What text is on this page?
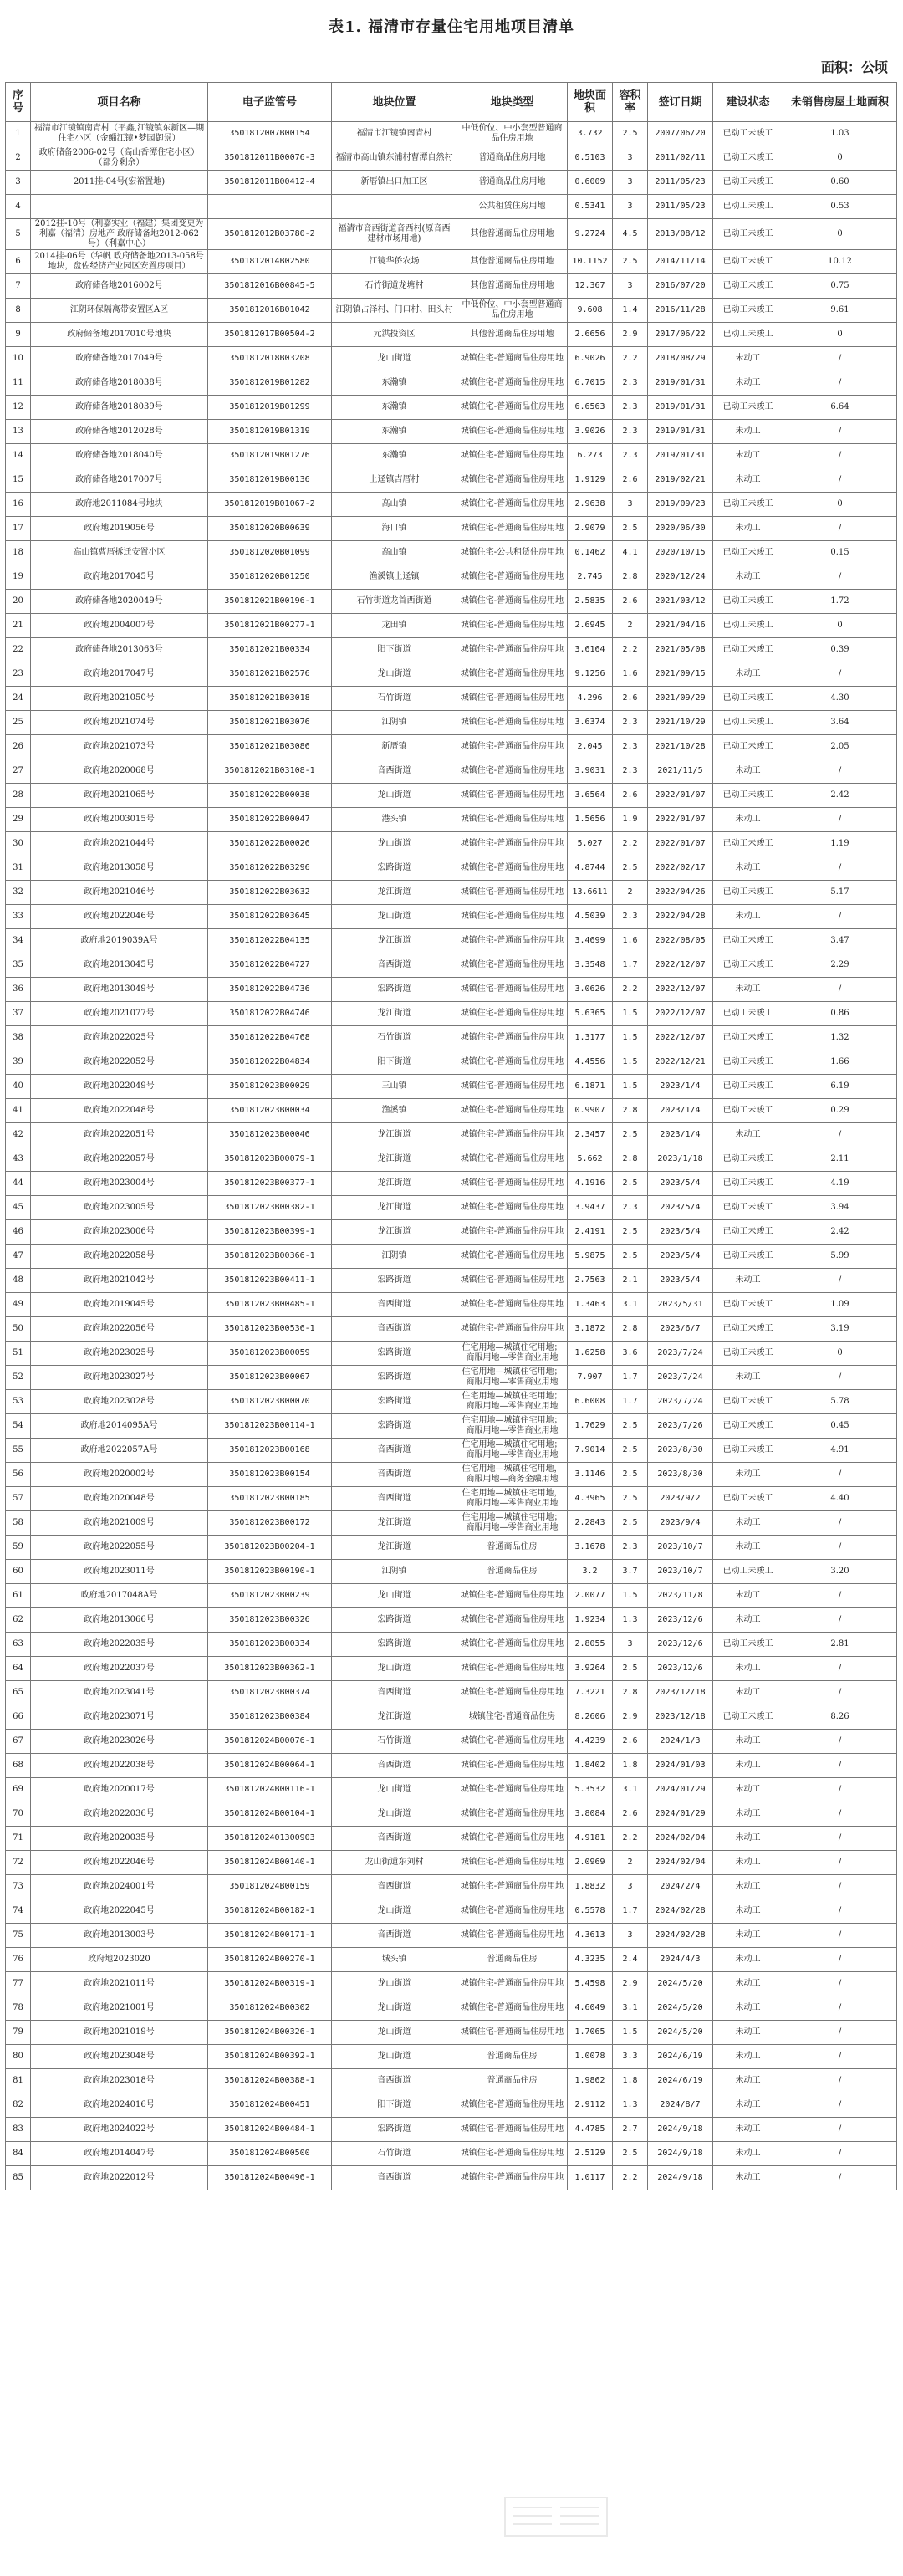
表1. 福清市存量住宅用地项目清单
面积：公顷
序号	项目名称	电子监管号	地块位置	地块类型	地块面积	容积率	签订日期	建设状态	未销售房屋土地面积
1	福清市江镜镇南青村（平鑫,江镜镇东新区—期住宅小区（金鲻江镜•梦园御景）	3501812007B00154	福清市江镜镇南青村	中低价位、中小套型普通商品住房用地	3.732	2.5	2007/06/20	已动工未竣工	1.03
2	政府储备2006-02号（高山香潭住宅小区）（部分剩余）	3501812011B00076-3	福清市高山镇东浦村曹潭自然村	普通商品住房用地	0.5103	3	2011/02/11	已动工未竣工	0
3	2011挂-04号(宏裕置地)	3501812011B00412-4	新厝镇出口加工区	普通商品住房用地	0.6009	3	2011/05/23	已动工未竣工	0.60
4				公共租赁住房用地	0.5341	3	2011/05/23	已动工未竣工	0.53
5	2012挂-10号（利嘉实业（福建）集团变更为利嘉（福清）房地产 政府储备地2012-062号）（利嘉中心）	3501812012B03780-2	福清市音西街道音西村(原音西建材市场用地)	其他普通商品住房用地	9.2724	4.5	2013/08/12	已动工未竣工	0
6	2014挂-06号（华帆 政府储备地2013-058号地块，盘佐经济产业园区安置房项目）	3501812014B02580	江镜华侨农场	其他普通商品住房用地	10.1152	2.5	2014/11/14	已动工未竣工	10.12
7	政府储备地2016002号	3501812016B00845-5	石竹街道龙塘村	其他普通商品住房用地	12.367	3	2016/07/20	已动工未竣工	0.75
8	江阴环保隔离带安置区A区	3501812016B01042	江阴镇占泽村、门口村、田头村	中低价位、中小套型普通商品住房用地	9.608	1.4	2016/11/28	已动工未竣工	9.61
9	政府储备地2017010号地块	3501812017B00504-2	元洪投资区	其他普通商品住房用地	2.6656	2.9	2017/06/22	已动工未竣工	0
10	政府储备地2017049号	3501812018B03208	龙山街道	城镇住宅-普通商品住房用地	6.9026	2.2	2018/08/29	未动工	/
11	政府储备地2018038号	3501812019B01282	东瀚镇	城镇住宅-普通商品住房用地	6.7015	2.3	2019/01/31	未动工	/
12	政府储备地2018039号	3501812019B01299	东瀚镇	城镇住宅-普通商品住房用地	6.6563	2.3	2019/01/31	已动工未竣工	6.64
13	政府储备地2012028号	3501812019B01319	东瀚镇	城镇住宅-普通商品住房用地	3.9026	2.3	2019/01/31	未动工	/
14	政府储备地2018040号	3501812019B01276	东瀚镇	城镇住宅-普通商品住房用地	6.273	2.3	2019/01/31	未动工	/
15	政府储备地2017007号	3501812019B00136	上迳镇吉厝村	城镇住宅-普通商品住房用地	1.9129	2.6	2019/02/21	未动工	/
16	政府地2011084号地块	3501812019B01067-2	高山镇	城镇住宅-普通商品住房用地	2.9638	3	2019/09/23	已动工未竣工	0
17	政府地2019056号	3501812020B00639	海口镇	城镇住宅-普通商品住房用地	2.9079	2.5	2020/06/30	未动工	/
18	高山镇曹厝拆迁安置小区	3501812020B01099	高山镇	城镇住宅-公共租赁住房用地	0.1462	4.1	2020/10/15	已动工未竣工	0.15
19	政府地2017045号	3501812020B01250	渔溪镇上迳镇	城镇住宅-普通商品住房用地	2.745	2.8	2020/12/24	未动工	/
20	政府储备地2020049号	3501812021B00196-1	石竹街道龙首西街道	城镇住宅-普通商品住房用地	2.5835	2.6	2021/03/12	已动工未竣工	1.72
21	政府地2004007号	3501812021B00277-1	龙田镇	城镇住宅-普通商品住房用地	2.6945	2	2021/04/16	已动工未竣工	0
22	政府储备地2013063号	3501812021B00334	阳下街道	城镇住宅-普通商品住房用地	3.6164	2.2	2021/05/08	已动工未竣工	0.39
23	政府地2017047号	3501812021B02576	龙山街道	城镇住宅-普通商品住房用地	9.1256	1.6	2021/09/15	未动工	/
24	政府地2021050号	3501812021B03018	石竹街道	城镇住宅-普通商品住房用地	4.296	2.6	2021/09/29	已动工未竣工	4.30
25	政府地2021074号	3501812021B03076	江阴镇	城镇住宅-普通商品住房用地	3.6374	2.3	2021/10/29	已动工未竣工	3.64
26	政府地2021073号	3501812021B03086	新厝镇	城镇住宅-普通商品住房用地	2.045	2.3	2021/10/28	已动工未竣工	2.05
27	政府地2020068号	3501812021B03108-1	音西街道	城镇住宅-普通商品住房用地	3.9031	2.3	2021/11/5	未动工	/
28	政府地2021065号	3501812022B00038	龙山街道	城镇住宅-普通商品住房用地	3.6564	2.6	2022/01/07	已动工未竣工	2.42
29	政府地2003015号	3501812022B00047	港头镇	城镇住宅-普通商品住房用地	1.5656	1.9	2022/01/07	未动工	/
30	政府地2021044号	3501812022B00026	龙山街道	城镇住宅-普通商品住房用地	5.027	2.2	2022/01/07	已动工未竣工	1.19
31	政府地2013058号	3501812022B03296	宏路街道	城镇住宅-普通商品住房用地	4.8744	2.5	2022/02/17	未动工	/
32	政府地2021046号	3501812022B03632	龙江街道	城镇住宅-普通商品住房用地	13.6611	2	2022/04/26	已动工未竣工	5.17
33	政府地2022046号	3501812022B03645	龙山街道	城镇住宅-普通商品住房用地	4.5039	2.3	2022/04/28	未动工	/
34	政府地2019039A号	3501812022B04135	龙江街道	城镇住宅-普通商品住房用地	3.4699	1.6	2022/08/05	已动工未竣工	3.47
35	政府地2013045号	3501812022B04727	音西街道	城镇住宅-普通商品住房用地	3.3548	1.7	2022/12/07	已动工未竣工	2.29
36	政府地2013049号	3501812022B04736	宏路街道	城镇住宅-普通商品住房用地	3.0626	2.2	2022/12/07	未动工	/
37	政府地2021077号	3501812022B04746	龙江街道	城镇住宅-普通商品住房用地	5.6365	1.5	2022/12/07	已动工未竣工	0.86
38	政府地2022025号	3501812022B04768	石竹街道	城镇住宅-普通商品住房用地	1.3177	1.5	2022/12/07	已动工未竣工	1.32
39	政府地2022052号	3501812022B04834	阳下街道	城镇住宅-普通商品住房用地	4.4556	1.5	2022/12/21	已动工未竣工	1.66
40	政府地2022049号	3501812023B00029	三山镇	城镇住宅-普通商品住房用地	6.1871	1.5	2023/1/4	已动工未竣工	6.19
41	政府地2022048号	3501812023B00034	渔溪镇	城镇住宅-普通商品住房用地	0.9907	2.8	2023/1/4	已动工未竣工	0.29
42	政府地2022051号	3501812023B00046	龙江街道	城镇住宅-普通商品住房用地	2.3457	2.5	2023/1/4	未动工	/
43	政府地2022057号	3501812023B00079-1	龙江街道	城镇住宅-普通商品住房用地	5.662	2.8	2023/1/18	已动工未竣工	2.11
44	政府地2023004号	3501812023B00377-1	龙江街道	城镇住宅-普通商品住房用地	4.1916	2.5	2023/5/4	已动工未竣工	4.19
45	政府地2023005号	3501812023B00382-1	龙江街道	城镇住宅-普通商品住房用地	3.9437	2.3	2023/5/4	已动工未竣工	3.94
46	政府地2023006号	3501812023B00399-1	龙江街道	城镇住宅-普通商品住房用地	2.4191	2.5	2023/5/4	已动工未竣工	2.42
47	政府地2022058号	3501812023B00366-1	江阴镇	城镇住宅-普通商品住房用地	5.9875	2.5	2023/5/4	已动工未竣工	5.99
48	政府地2021042号	3501812023B00411-1	宏路街道	城镇住宅-普通商品住房用地	2.7563	2.1	2023/5/4	未动工	/
49	政府地2019045号	3501812023B00485-1	音西街道	城镇住宅-普通商品住房用地	1.3463	3.1	2023/5/31	已动工未竣工	1.09
50	政府地2022056号	3501812023B00536-1	音西街道	城镇住宅-普通商品住房用地	3.1872	2.8	2023/6/7	已动工未竣工	3.19
51	政府地2023025号	3501812023B00059	宏路街道	住宅用地—城镇住宅用地；商服用地—零售商业用地	1.6258	3.6	2023/7/24	已动工未竣工	0
52	政府地2023027号	3501812023B00067	宏路街道	住宅用地—城镇住宅用地；商服用地—零售商业用地	7.907	1.7	2023/7/24	未动工	/
53	政府地2023028号	3501812023B00070	宏路街道	住宅用地—城镇住宅用地；商服用地—零售商业用地	6.6008	1.7	2023/7/24	已动工未竣工	5.78
54	政府地2014095A号	3501812023B00114-1	宏路街道	住宅用地—城镇住宅用地；商服用地—零售商业用地	1.7629	2.5	2023/7/26	已动工未竣工	0.45
55	政府地2022057A号	3501812023B00168	音西街道	住宅用地—城镇住宅用地；商服用地—零售商业用地	7.9014	2.5	2023/8/30	已动工未竣工	4.91
56	政府地2020002号	3501812023B00154	音西街道	住宅用地—城镇住宅用地，商服用地—商务金融用地	3.1146	2.5	2023/8/30	未动工	/
57	政府地2020048号	3501812023B00185	音西街道	住宅用地—城镇住宅用地，商服用地—零售商业用地	4.3965	2.5	2023/9/2	已动工未竣工	4.40
58	政府地2021009号	3501812023B00172	龙江街道	住宅用地—城镇住宅用地；商服用地—零售商业用地	2.2843	2.5	2023/9/4	未动工	/
59	政府地2022055号	3501812023B00204-1	龙江街道	普通商品住房	3.1678	2.3	2023/10/7	未动工	/
60	政府地2023011号	3501812023B00190-1	江阴镇	普通商品住房	3.2	3.7	2023/10/7	已动工未竣工	3.20
61	政府地2017048A号	3501812023B00239	龙山街道	城镇住宅-普通商品住房用地	2.0077	1.5	2023/11/8	未动工	/
62	政府地2013066号	3501812023B00326	宏路街道	城镇住宅-普通商品住房用地	1.9234	1.3	2023/12/6	未动工	/
63	政府地2022035号	3501812023B00334	宏路街道	城镇住宅-普通商品住房用地	2.8055	3	2023/12/6	已动工未竣工	2.81
64	政府地2022037号	3501812023B00362-1	龙山街道	城镇住宅-普通商品住房用地	3.9264	2.5	2023/12/6	未动工	/
65	政府地2023041号	3501812023B00374	音西街道	城镇住宅-普通商品住房用地	7.3221	2.8	2023/12/18	未动工	/
66	政府地2023071号	3501812023B00384	龙江街道	城镇住宅-普通商品住房	8.2606	2.9	2023/12/18	已动工未竣工	8.26
67	政府地2023026号	3501812024B00076-1	石竹街道	城镇住宅-普通商品住房用地	4.4239	2.6	2024/1/3	未动工	/
68	政府地2022038号	3501812024B00064-1	音西街道	城镇住宅-普通商品住房用地	1.8402	1.8	2024/01/03	未动工	/
69	政府地2020017号	3501812024B00116-1	龙山街道	城镇住宅-普通商品住房用地	5.3532	3.1	2024/01/29	未动工	/
70	政府地2022036号	3501812024B00104-1	龙山街道	城镇住宅-普通商品住房用地	3.8084	2.6	2024/01/29	未动工	/
71	政府地2020035号	350181202401300903	音西街道	城镇住宅-普通商品住房用地	4.9181	2.2	2024/02/04	未动工	/
72	政府地2022046号	3501812024B00140-1	龙山街道东刘村	城镇住宅-普通商品住房用地	2.0969	2	2024/02/04	未动工	/
73	政府地2024001号	3501812024B00159	音西街道	城镇住宅-普通商品住房用地	1.8832	3	2024/2/4	未动工	/
74	政府地2022045号	3501812024B00182-1	龙山街道	城镇住宅-普通商品住房用地	0.5578	1.7	2024/02/28	未动工	/
75	政府地2013003号	3501812024B00171-1	音西街道	城镇住宅-普通商品住房用地	4.3613	3	2024/02/28	未动工	/
76	政府地2023020	3501812024B00270-1	城头镇	普通商品住房	4.3235	2.4	2024/4/3	未动工	/
77	政府地2021011号	3501812024B00319-1	龙山街道	城镇住宅-普通商品住房用地	5.4598	2.9	2024/5/20	未动工	/
78	政府地2021001号	3501812024B00302	龙山街道	城镇住宅-普通商品住房用地	4.6049	3.1	2024/5/20	未动工	/
79	政府地2021019号	3501812024B00326-1	龙山街道	城镇住宅-普通商品住房用地	1.7065	1.5	2024/5/20	未动工	/
80	政府地2023048号	3501812024B00392-1	龙山街道	普通商品住房	1.0078	3.3	2024/6/19	未动工	/
81	政府地2023018号	3501812024B00388-1	音西街道	普通商品住房	1.9862	1.8	2024/6/19	未动工	/
82	政府地2024016号	3501812024B00451	阳下街道	城镇住宅-普通商品住房用地	2.9112	1.3	2024/8/7	未动工	/
83	政府地2024022号	3501812024B00484-1	宏路街道	城镇住宅-普通商品住房用地	4.4785	2.7	2024/9/18	未动工	/
84	政府地2014047号	3501812024B00500	石竹街道	城镇住宅-普通商品住房用地	2.5129	2.5	2024/9/18	未动工	/
85	政府地2022012号	3501812024B00496-1	音西街道	城镇住宅-普通商品住房用地	1.0117	2.2	2024/9/18	未动工	/
